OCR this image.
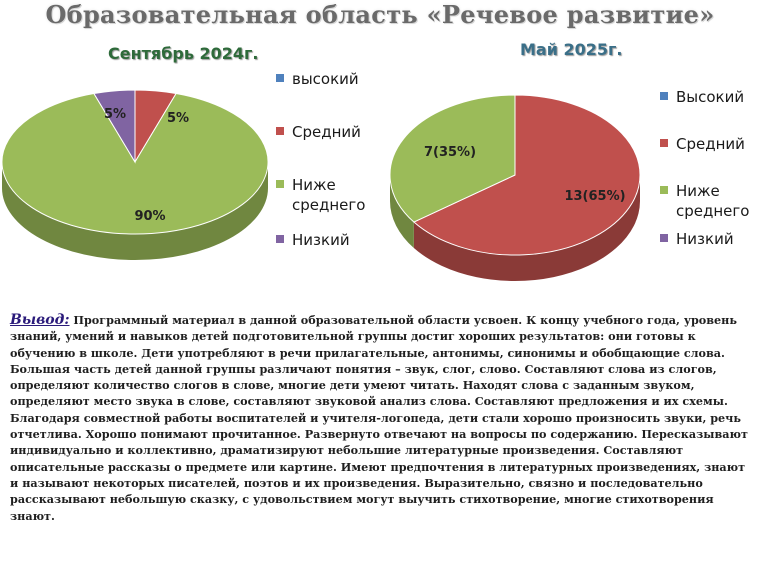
Образовательная область «Речевое развитие»
Сентябрь 2024г.	Май 2025г.
5%
90%
5%
13(65%)
7(35%)
высокий
Средний
Ниже
среднего
Низкий
Высокий
Средний
Ниже
среднего
Низкий
Вывод: Программный материал в данной образовательной области усвоен. К концу учебного года, уровень знаний, умений и навыков детей подготовительной группы достиг хороших результатов: они готовы к обучению в школе. Дети употребляют в речи прилагательные, антонимы, синонимы и обобщающие слова. Большая часть детей данной группы различают понятия – звук, слог, слово. Составляют слова из слогов, определяют количество слогов в слове, многие дети умеют читать. Находят слова с заданным звуком, определяют место звука в слове, составляют звуковой анализ слова. Составляют предложения и их схемы. Благодаря совместной работы воспитателей и учителя-логопеда, дети стали хорошо произносить звуки, речь отчетлива. Хорошо понимают прочитанное. Развернуто отвечают на вопросы по содержанию. Пересказывают индивидуально и коллективно, драматизируют небольшие литературные произведения. Составляют описательные рассказы о предмете или картине. Имеют предпочтения в литературных произведениях, знают и называют некоторых писателей, поэтов и их произведения. Выразительно, связно и последовательно рассказывают небольшую сказку, с удовольствием могут выучить стихотворение, многие стихотворения знают.
